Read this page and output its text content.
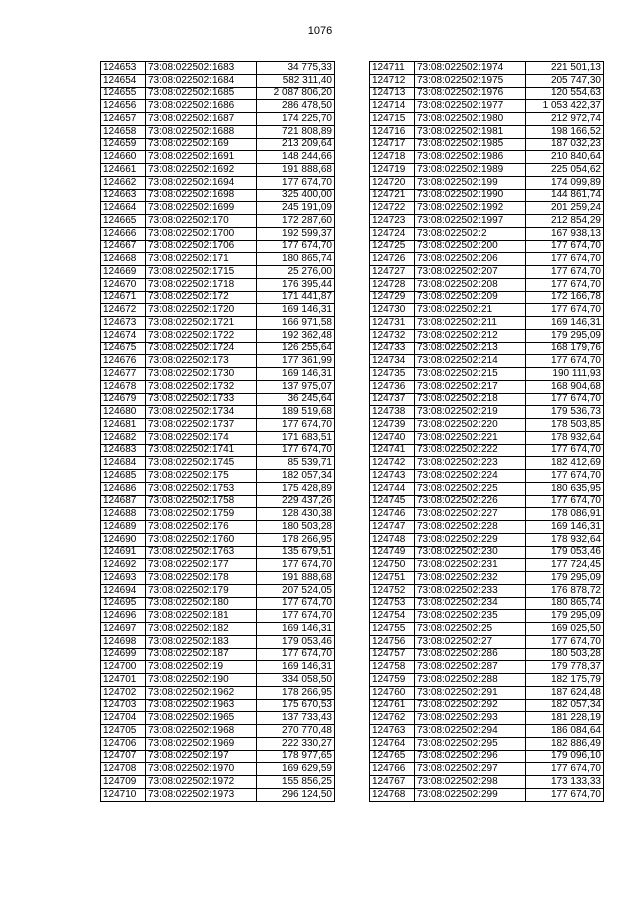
1076
124653	73:08:022502:1683	34 775,33
124654	73:08:022502:1684	582 311,40
124655	73:08:022502:1685	2 087 806,20
124656	73:08:022502:1686	286 478,50
124657	73:08:022502:1687	174 225,70
124658	73:08:022502:1688	721 808,89
124659	73:08:022502:169	213 209,64
124660	73:08:022502:1691	148 244,66
124661	73:08:022502:1692	191 888,68
124662	73:08:022502:1694	177 674,70
124663	73:08:022502:1698	325 400,00
124664	73:08:022502:1699	245 191,09
124665	73:08:022502:170	172 287,60
124666	73:08:022502:1700	192 599,37
124667	73:08:022502:1706	177 674,70
124668	73:08:022502:171	180 865,74
124669	73:08:022502:1715	25 276,00
124670	73:08:022502:1718	176 395,44
124671	73:08:022502:172	171 441,87
124672	73:08:022502:1720	169 146,31
124673	73:08:022502:1721	166 971,58
124674	73:08:022502:1722	192 362,48
124675	73:08:022502:1724	126 255,64
124676	73:08:022502:173	177 361,99
124677	73:08:022502:1730	169 146,31
124678	73:08:022502:1732	137 975,07
124679	73:08:022502:1733	36 245,64
124680	73:08:022502:1734	189 519,68
124681	73:08:022502:1737	177 674,70
124682	73:08:022502:174	171 683,51
124683	73:08:022502:1741	177 674,70
124684	73:08:022502:1745	85 539,71
124685	73:08:022502:175	182 057,34
124686	73:08:022502:1753	175 428,89
124687	73:08:022502:1758	229 437,26
124688	73:08:022502:1759	128 430,38
124689	73:08:022502:176	180 503,28
124690	73:08:022502:1760	178 266,95
124691	73:08:022502:1763	135 679,51
124692	73:08:022502:177	177 674,70
124693	73:08:022502:178	191 888,68
124694	73:08:022502:179	207 524,05
124695	73:08:022502:180	177 674,70
124696	73:08:022502:181	177 674,70
124697	73:08:022502:182	169 146,31
124698	73:08:022502:183	179 053,46
124699	73:08:022502:187	177 674,70
124700	73:08:022502:19	169 146,31
124701	73:08:022502:190	334 058,50
124702	73:08:022502:1962	178 266,95
124703	73:08:022502:1963	175 670,53
124704	73:08:022502:1965	137 733,43
124705	73:08:022502:1968	270 770,48
124706	73:08:022502:1969	222 330,27
124707	73:08:022502:197	178 977,65
124708	73:08:022502:1970	169 629,59
124709	73:08:022502:1972	155 856,25
124710	73:08:022502:1973	296 124,50
124711	73:08:022502:1974	221 501,13
124712	73:08:022502:1975	205 747,30
124713	73:08:022502:1976	120 554,63
124714	73:08:022502:1977	1 053 422,37
124715	73:08:022502:1980	212 972,74
124716	73:08:022502:1981	198 166,52
124717	73:08:022502:1985	187 032,23
124718	73:08:022502:1986	210 840,64
124719	73:08:022502:1989	225 054,62
124720	73:08:022502:199	174 099,89
124721	73:08:022502:1990	144 861,74
124722	73:08:022502:1992	201 259,24
124723	73:08:022502:1997	212 854,29
124724	73:08:022502:2	167 938,13
124725	73:08:022502:200	177 674,70
124726	73:08:022502:206	177 674,70
124727	73:08:022502:207	177 674,70
124728	73:08:022502:208	177 674,70
124729	73:08:022502:209	172 166,78
124730	73:08:022502:21	177 674,70
124731	73:08:022502:211	169 146,31
124732	73:08:022502:212	179 295,09
124733	73:08:022502:213	168 179,76
124734	73:08:022502:214	177 674,70
124735	73:08:022502:215	190 111,93
124736	73:08:022502:217	168 904,68
124737	73:08:022502:218	177 674,70
124738	73:08:022502:219	179 536,73
124739	73:08:022502:220	178 503,85
124740	73:08:022502:221	178 932,64
124741	73:08:022502:222	177 674,70
124742	73:08:022502:223	182 412,69
124743	73:08:022502:224	177 674,70
124744	73:08:022502:225	180 635,95
124745	73:08:022502:226	177 674,70
124746	73:08:022502:227	178 086,91
124747	73:08:022502:228	169 146,31
124748	73:08:022502:229	178 932,64
124749	73:08:022502:230	179 053,46
124750	73:08:022502:231	177 724,45
124751	73:08:022502:232	179 295,09
124752	73:08:022502:233	176 878,72
124753	73:08:022502:234	180 865,74
124754	73:08:022502:235	179 295,09
124755	73:08:022502:25	169 025,50
124756	73:08:022502:27	177 674,70
124757	73:08:022502:286	180 503,28
124758	73:08:022502:287	179 778,37
124759	73:08:022502:288	182 175,79
124760	73:08:022502:291	187 624,48
124761	73:08:022502:292	182 057,34
124762	73:08:022502:293	181 228,19
124763	73:08:022502:294	186 084,64
124764	73:08:022502:295	182 886,49
124765	73:08:022502:296	179 096,10
124766	73:08:022502:297	177 674,70
124767	73:08:022502:298	173 133,33
124768	73:08:022502:299	177 674,70
